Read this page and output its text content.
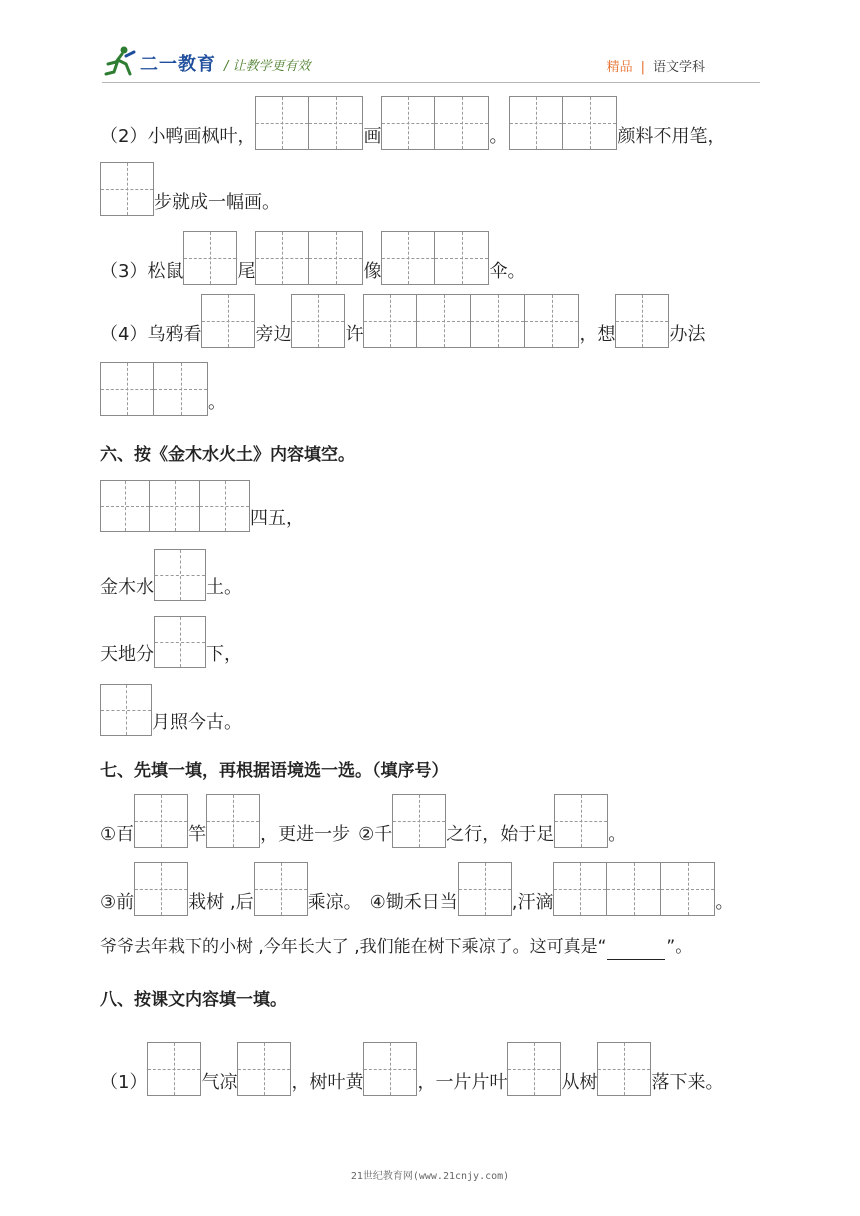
二一教育 / 让教学更有效	精品 | 语文学科
（2）小鸭画枫叶，	画	。	颜料不用笔，
步就成一幅画。
（3）松鼠	尾	像	伞。
（4）乌鸦看	旁边	许	，想	办法
。
六、按《金木水火土》内容填空。
四五，
金木水	土。
天地分	下，
月照今古。
七、先填一填，再根据语境选一选。（填序号）
①百	竿	，更进一步 ②千	之行，始于足	。
③前	栽树 ,后	乘凉。 ④锄禾日当	,汗滴	。
爷爷去年栽下的小树 ,今年长大了 ,我们能在树下乘凉了。这可真是“	”。
八、按课文内容填一填。
（1）	气凉	，树叶黄	，一片片叶	从树	落下来。
21世纪教育网(www.21cnjy.com)
